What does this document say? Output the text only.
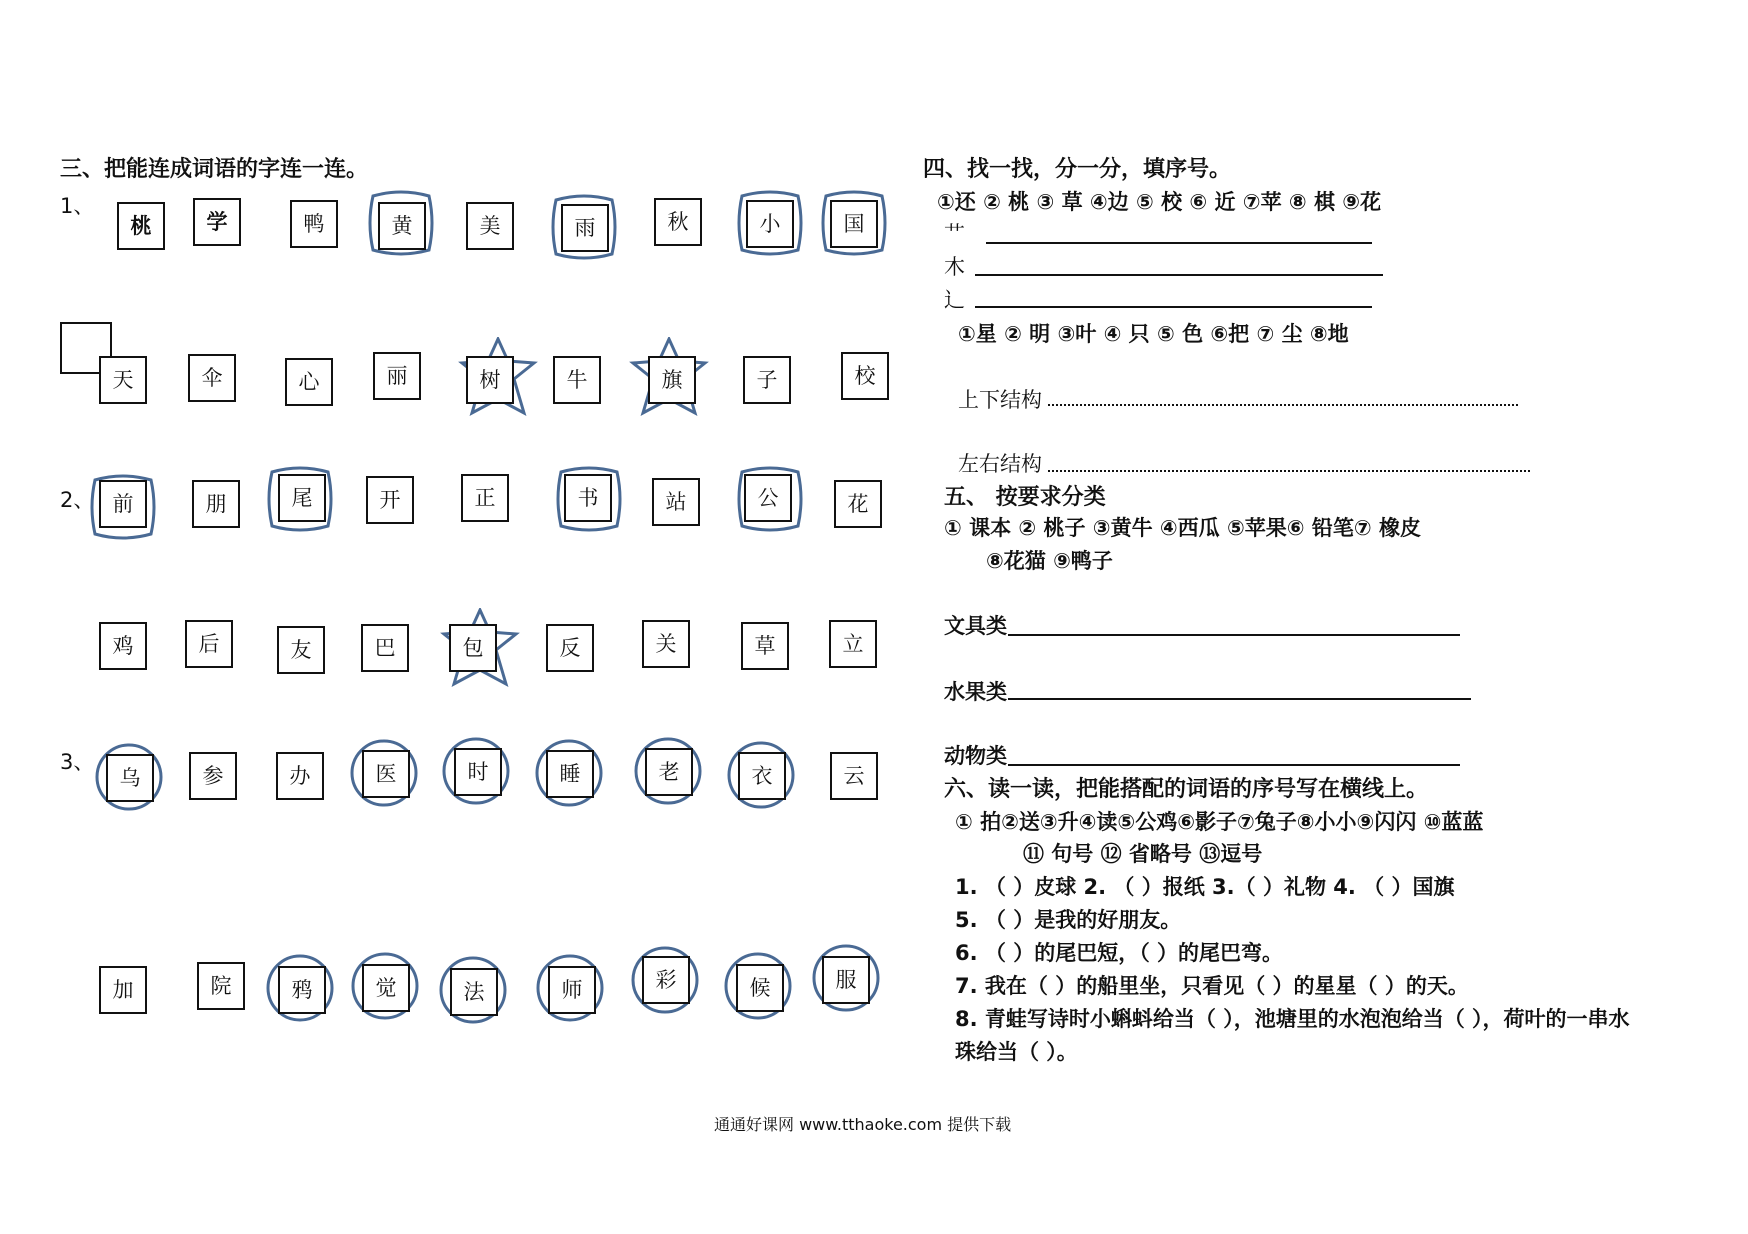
三、把能连成词语的字连一连。
1、
桃	学	鸭	黄	美	雨	秋	小	国
天	伞	心	丽	树	牛	旗	子	校
2、 前	朋	尾	开	正	书	站	公	花
鸡	后	友	巴	包	反	关	草	立
3、
乌	参	办	医	时	睡	老	衣	云
加	院	鸦	觉	法	师	彩	候	服
四、找一找，分一分，填序号。
①还 ② 桃 ③ 草 ④边 ⑤ 校 ⑥ 近 ⑦苹 ⑧ 棋 ⑨花
艹
木
辶
①星 ② 明 ③叶 ④ 只 ⑤ 色 ⑥把 ⑦ 尘 ⑧地
上下结构
左右结构
五、 按要求分类
① 课本 ② 桃子 ③黄牛 ④西瓜 ⑤苹果⑥ 铅笔⑦ 橡皮
⑧花猫 ⑨鸭子
文具类
水果类
动物类
六、读一读，把能搭配的词语的序号写在横线上。
① 拍②送③升④读⑤公鸡⑥影子⑦兔子⑧小小⑨闪闪 ⑩蓝蓝
⑪ 句号 ⑫ 省略号 ⑬逗号
1. （ ）皮球 2. （ ）报纸 3.（ ）礼物 4. （ ）国旗
5. （ ）是我的好朋友。
6. （ ）的尾巴短，（ ）的尾巴弯。
7. 我在（ ）的船里坐，只看见（ ）的星星（ ）的天。
8. 青蛙写诗时小蝌蚪给当（ ），池塘里的水泡泡给当（ ），荷叶的一串水
珠给当（ ）。
通通好课网 www.tthaoke.com 提供下载
